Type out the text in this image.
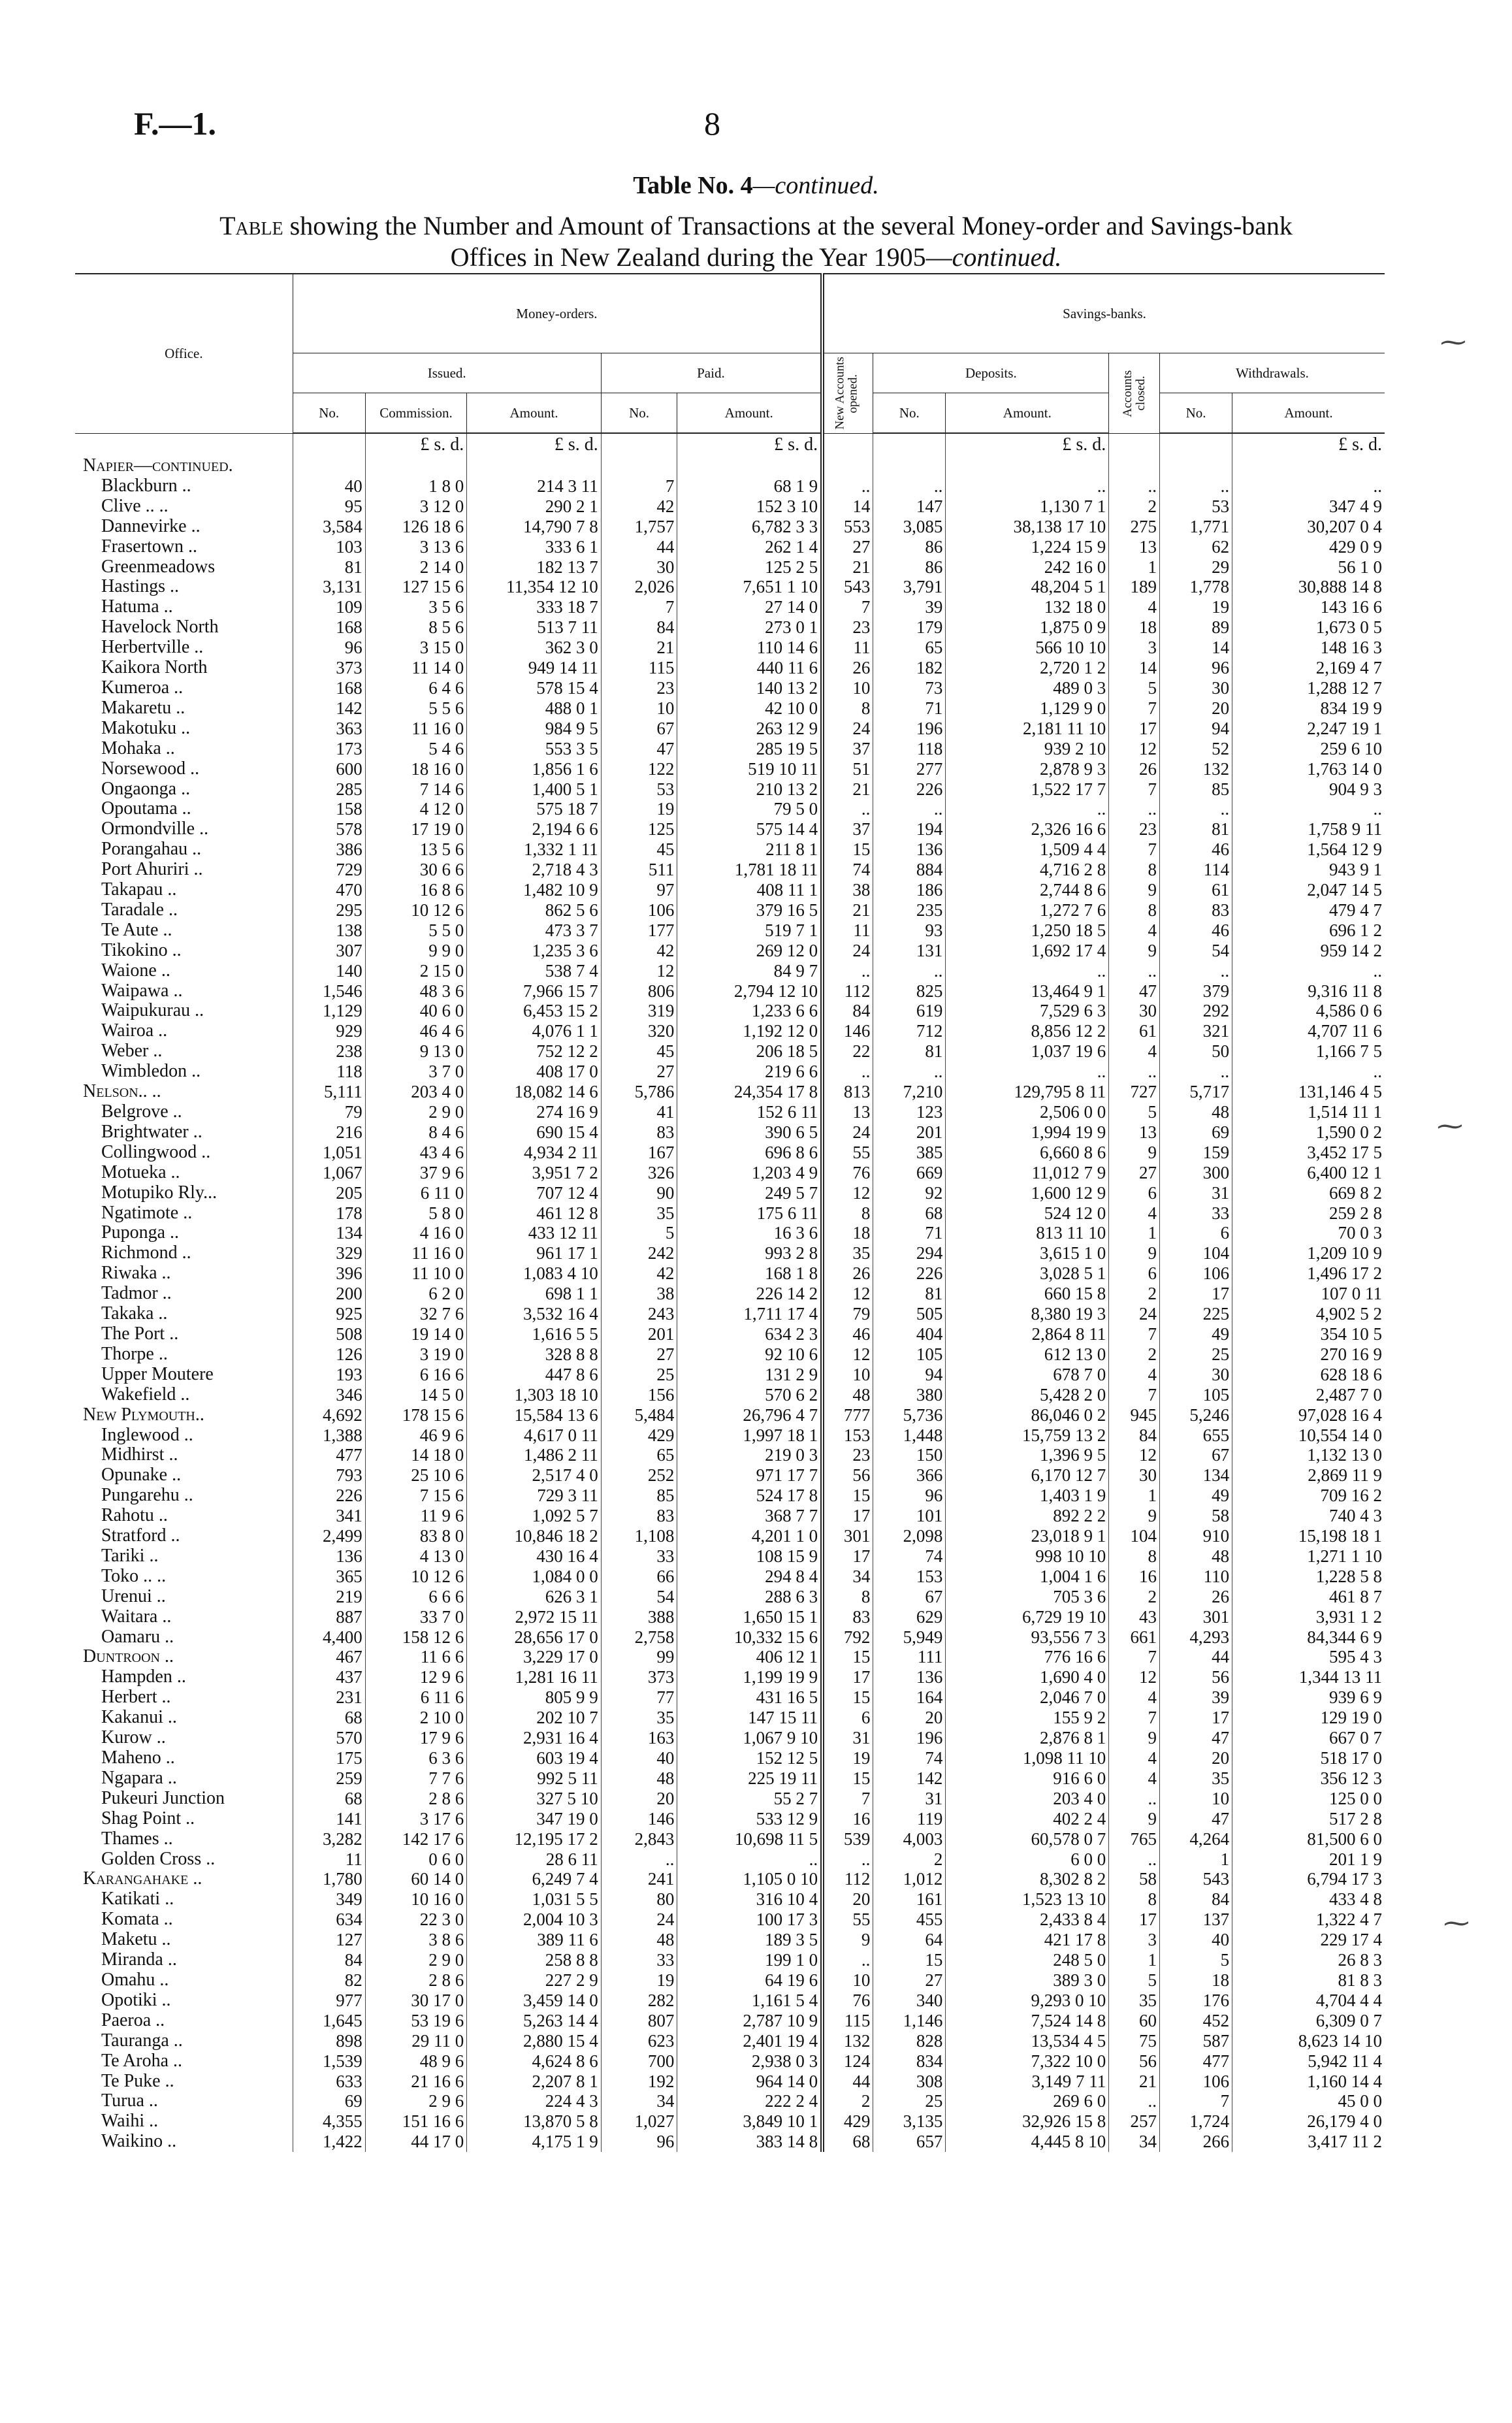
F.—1.	8
Table No. 4—continued.
Table showing the Number and Amount of Transactions at the several Money-order and Savings-bank
Offices in New Zealand during the Year 1905—continued.
Office.	Money-orders.					Savings-banks.					
	Issued.			Paid.		New Accounts opened.	Deposits.		Accounts closed.	Withdrawals.	
	No.	Commission.	Amount.	No.	Amount.		No.	Amount.		No.	Amount.
		£ s. d.	£ s. d.		£ s. d.			£ s. d.			£ s. d.
Napier—continued.											
Blackburn ..	40	1 8 0	214 3 11	7	68 1 9	..	..	..	..	..	..
Clive .. ..	95	3 12 0	290 2 1	42	152 3 10	14	147	1,130 7 1	2	53	347 4 9
Dannevirke ..	3,584	126 18 6	14,790 7 8	1,757	6,782 3 3	553	3,085	38,138 17 10	275	1,771	30,207 0 4
Frasertown ..	103	3 13 6	333 6 1	44	262 1 4	27	86	1,224 15 9	13	62	429 0 9
Greenmeadows	81	2 14 0	182 13 7	30	125 2 5	21	86	242 16 0	1	29	56 1 0
Hastings ..	3,131	127 15 6	11,354 12 10	2,026	7,651 1 10	543	3,791	48,204 5 1	189	1,778	30,888 14 8
Hatuma ..	109	3 5 6	333 18 7	7	27 14 0	7	39	132 18 0	4	19	143 16 6
Havelock North	168	8 5 6	513 7 11	84	273 0 1	23	179	1,875 0 9	18	89	1,673 0 5
Herbertville ..	96	3 15 0	362 3 0	21	110 14 6	11	65	566 10 10	3	14	148 16 3
Kaikora North	373	11 14 0	949 14 11	115	440 11 6	26	182	2,720 1 2	14	96	2,169 4 7
Kumeroa ..	168	6 4 6	578 15 4	23	140 13 2	10	73	489 0 3	5	30	1,288 12 7
Makaretu ..	142	5 5 6	488 0 1	10	42 10 0	8	71	1,129 9 0	7	20	834 19 9
Makotuku ..	363	11 16 0	984 9 5	67	263 12 9	24	196	2,181 11 10	17	94	2,247 19 1
Mohaka ..	173	5 4 6	553 3 5	47	285 19 5	37	118	939 2 10	12	52	259 6 10
Norsewood ..	600	18 16 0	1,856 1 6	122	519 10 11	51	277	2,878 9 3	26	132	1,763 14 0
Ongaonga ..	285	7 14 6	1,400 5 1	53	210 13 2	21	226	1,522 17 7	7	85	904 9 3
Opoutama ..	158	4 12 0	575 18 7	19	79 5 0	..	..	..	..	..	..
Ormondville ..	578	17 19 0	2,194 6 6	125	575 14 4	37	194	2,326 16 6	23	81	1,758 9 11
Porangahau ..	386	13 5 6	1,332 1 11	45	211 8 1	15	136	1,509 4 4	7	46	1,564 12 9
Port Ahuriri ..	729	30 6 6	2,718 4 3	511	1,781 18 11	74	884	4,716 2 8	8	114	943 9 1
Takapau ..	470	16 8 6	1,482 10 9	97	408 11 1	38	186	2,744 8 6	9	61	2,047 14 5
Taradale ..	295	10 12 6	862 5 6	106	379 16 5	21	235	1,272 7 6	8	83	479 4 7
Te Aute ..	138	5 5 0	473 3 7	177	519 7 1	11	93	1,250 18 5	4	46	696 1 2
Tikokino ..	307	9 9 0	1,235 3 6	42	269 12 0	24	131	1,692 17 4	9	54	959 14 2
Waione ..	140	2 15 0	538 7 4	12	84 9 7	..	..	..	..	..	..
Waipawa ..	1,546	48 3 6	7,966 15 7	806	2,794 12 10	112	825	13,464 9 1	47	379	9,316 11 8
Waipukurau ..	1,129	40 6 0	6,453 15 2	319	1,233 6 6	84	619	7,529 6 3	30	292	4,586 0 6
Wairoa ..	929	46 4 6	4,076 1 1	320	1,192 12 0	146	712	8,856 12 2	61	321	4,707 11 6
Weber ..	238	9 13 0	752 12 2	45	206 18 5	22	81	1,037 19 6	4	50	1,166 7 5
Wimbledon ..	118	3 7 0	408 17 0	27	219 6 6	..	..	..	..	..	..
Nelson.. ..	5,111	203 4 0	18,082 14 6	5,786	24,354 17 8	813	7,210	129,795 8 11	727	5,717	131,146 4 5
Belgrove ..	79	2 9 0	274 16 9	41	152 6 11	13	123	2,506 0 0	5	48	1,514 11 1
Brightwater ..	216	8 4 6	690 15 4	83	390 6 5	24	201	1,994 19 9	13	69	1,590 0 2
Collingwood ..	1,051	43 4 6	4,934 2 11	167	696 8 6	55	385	6,660 8 6	9	159	3,452 17 5
Motueka ..	1,067	37 9 6	3,951 7 2	326	1,203 4 9	76	669	11,012 7 9	27	300	6,400 12 1
Motupiko Rly...	205	6 11 0	707 12 4	90	249 5 7	12	92	1,600 12 9	6	31	669 8 2
Ngatimote ..	178	5 8 0	461 12 8	35	175 6 11	8	68	524 12 0	4	33	259 2 8
Puponga ..	134	4 16 0	433 12 11	5	16 3 6	18	71	813 11 10	1	6	70 0 3
Richmond ..	329	11 16 0	961 17 1	242	993 2 8	35	294	3,615 1 0	9	104	1,209 10 9
Riwaka ..	396	11 10 0	1,083 4 10	42	168 1 8	26	226	3,028 5 1	6	106	1,496 17 2
Tadmor ..	200	6 2 0	698 1 1	38	226 14 2	12	81	660 15 8	2	17	107 0 11
Takaka ..	925	32 7 6	3,532 16 4	243	1,711 17 4	79	505	8,380 19 3	24	225	4,902 5 2
The Port ..	508	19 14 0	1,616 5 5	201	634 2 3	46	404	2,864 8 11	7	49	354 10 5
Thorpe ..	126	3 19 0	328 8 8	27	92 10 6	12	105	612 13 0	2	25	270 16 9
Upper Moutere	193	6 16 6	447 8 6	25	131 2 9	10	94	678 7 0	4	30	628 18 6
Wakefield ..	346	14 5 0	1,303 18 10	156	570 6 2	48	380	5,428 2 0	7	105	2,487 7 0
New Plymouth..	4,692	178 15 6	15,584 13 6	5,484	26,796 4 7	777	5,736	86,046 0 2	945	5,246	97,028 16 4
Inglewood ..	1,388	46 9 6	4,617 0 11	429	1,997 18 1	153	1,448	15,759 13 2	84	655	10,554 14 0
Midhirst ..	477	14 18 0	1,486 2 11	65	219 0 3	23	150	1,396 9 5	12	67	1,132 13 0
Opunake ..	793	25 10 6	2,517 4 0	252	971 17 7	56	366	6,170 12 7	30	134	2,869 11 9
Pungarehu ..	226	7 15 6	729 3 11	85	524 17 8	15	96	1,403 1 9	1	49	709 16 2
Rahotu ..	341	11 9 6	1,092 5 7	83	368 7 7	17	101	892 2 2	9	58	740 4 3
Stratford ..	2,499	83 8 0	10,846 18 2	1,108	4,201 1 0	301	2,098	23,018 9 1	104	910	15,198 18 1
Tariki ..	136	4 13 0	430 16 4	33	108 15 9	17	74	998 10 10	8	48	1,271 1 10
Toko .. ..	365	10 12 6	1,084 0 0	66	294 8 4	34	153	1,004 1 6	16	110	1,228 5 8
Urenui ..	219	6 6 6	626 3 1	54	288 6 3	8	67	705 3 6	2	26	461 8 7
Waitara ..	887	33 7 0	2,972 15 11	388	1,650 15 1	83	629	6,729 19 10	43	301	3,931 1 2
Oamaru ..	4,400	158 12 6	28,656 17 0	2,758	10,332 15 6	792	5,949	93,556 7 3	661	4,293	84,344 6 9
Duntroon ..	467	11 6 6	3,229 17 0	99	406 12 1	15	111	776 16 6	7	44	595 4 3
Hampden ..	437	12 9 6	1,281 16 11	373	1,199 19 9	17	136	1,690 4 0	12	56	1,344 13 11
Herbert ..	231	6 11 6	805 9 9	77	431 16 5	15	164	2,046 7 0	4	39	939 6 9
Kakanui ..	68	2 10 0	202 10 7	35	147 15 11	6	20	155 9 2	7	17	129 19 0
Kurow ..	570	17 9 6	2,931 16 4	163	1,067 9 10	31	196	2,876 8 1	9	47	667 0 7
Maheno ..	175	6 3 6	603 19 4	40	152 12 5	19	74	1,098 11 10	4	20	518 17 0
Ngapara ..	259	7 7 6	992 5 11	48	225 19 11	15	142	916 6 0	4	35	356 12 3
Pukeuri Junction	68	2 8 6	327 5 10	20	55 2 7	7	31	203 4 0	..	10	125 0 0
Shag Point ..	141	3 17 6	347 19 0	146	533 12 9	16	119	402 2 4	9	47	517 2 8
Thames ..	3,282	142 17 6	12,195 17 2	2,843	10,698 11 5	539	4,003	60,578 0 7	765	4,264	81,500 6 0
Golden Cross ..	11	0 6 0	28 6 11	..	..	..	2	6 0 0	..	1	201 1 9
Karangahake ..	1,780	60 14 0	6,249 7 4	241	1,105 0 10	112	1,012	8,302 8 2	58	543	6,794 17 3
Katikati ..	349	10 16 0	1,031 5 5	80	316 10 4	20	161	1,523 13 10	8	84	433 4 8
Komata ..	634	22 3 0	2,004 10 3	24	100 17 3	55	455	2,433 8 4	17	137	1,322 4 7
Maketu ..	127	3 8 6	389 11 6	48	189 3 5	9	64	421 17 8	3	40	229 17 4
Miranda ..	84	2 9 0	258 8 8	33	199 1 0	..	15	248 5 0	1	5	26 8 3
Omahu ..	82	2 8 6	227 2 9	19	64 19 6	10	27	389 3 0	5	18	81 8 3
Opotiki ..	977	30 17 0	3,459 14 0	282	1,161 5 4	76	340	9,293 0 10	35	176	4,704 4 4
Paeroa ..	1,645	53 19 6	5,263 14 4	807	2,787 10 9	115	1,146	7,524 14 8	60	452	6,309 0 7
Tauranga ..	898	29 11 0	2,880 15 4	623	2,401 19 4	132	828	13,534 4 5	75	587	8,623 14 10
Te Aroha ..	1,539	48 9 6	4,624 8 6	700	2,938 0 3	124	834	7,322 10 0	56	477	5,942 11 4
Te Puke ..	633	21 16 6	2,207 8 1	192	964 14 0	44	308	3,149 7 11	21	106	1,160 14 4
Turua ..	69	2 9 6	224 4 3	34	222 2 4	2	25	269 6 0	..	7	45 0 0
Waihi ..	4,355	151 16 6	13,870 5 8	1,027	3,849 10 1	429	3,135	32,926 15 8	257	1,724	26,179 4 0
Waikino ..	1,422	44 17 0	4,175 1 9	96	383 14 8	68	657	4,445 8 10	34	266	3,417 11 2
⁓
⁓
⁓
